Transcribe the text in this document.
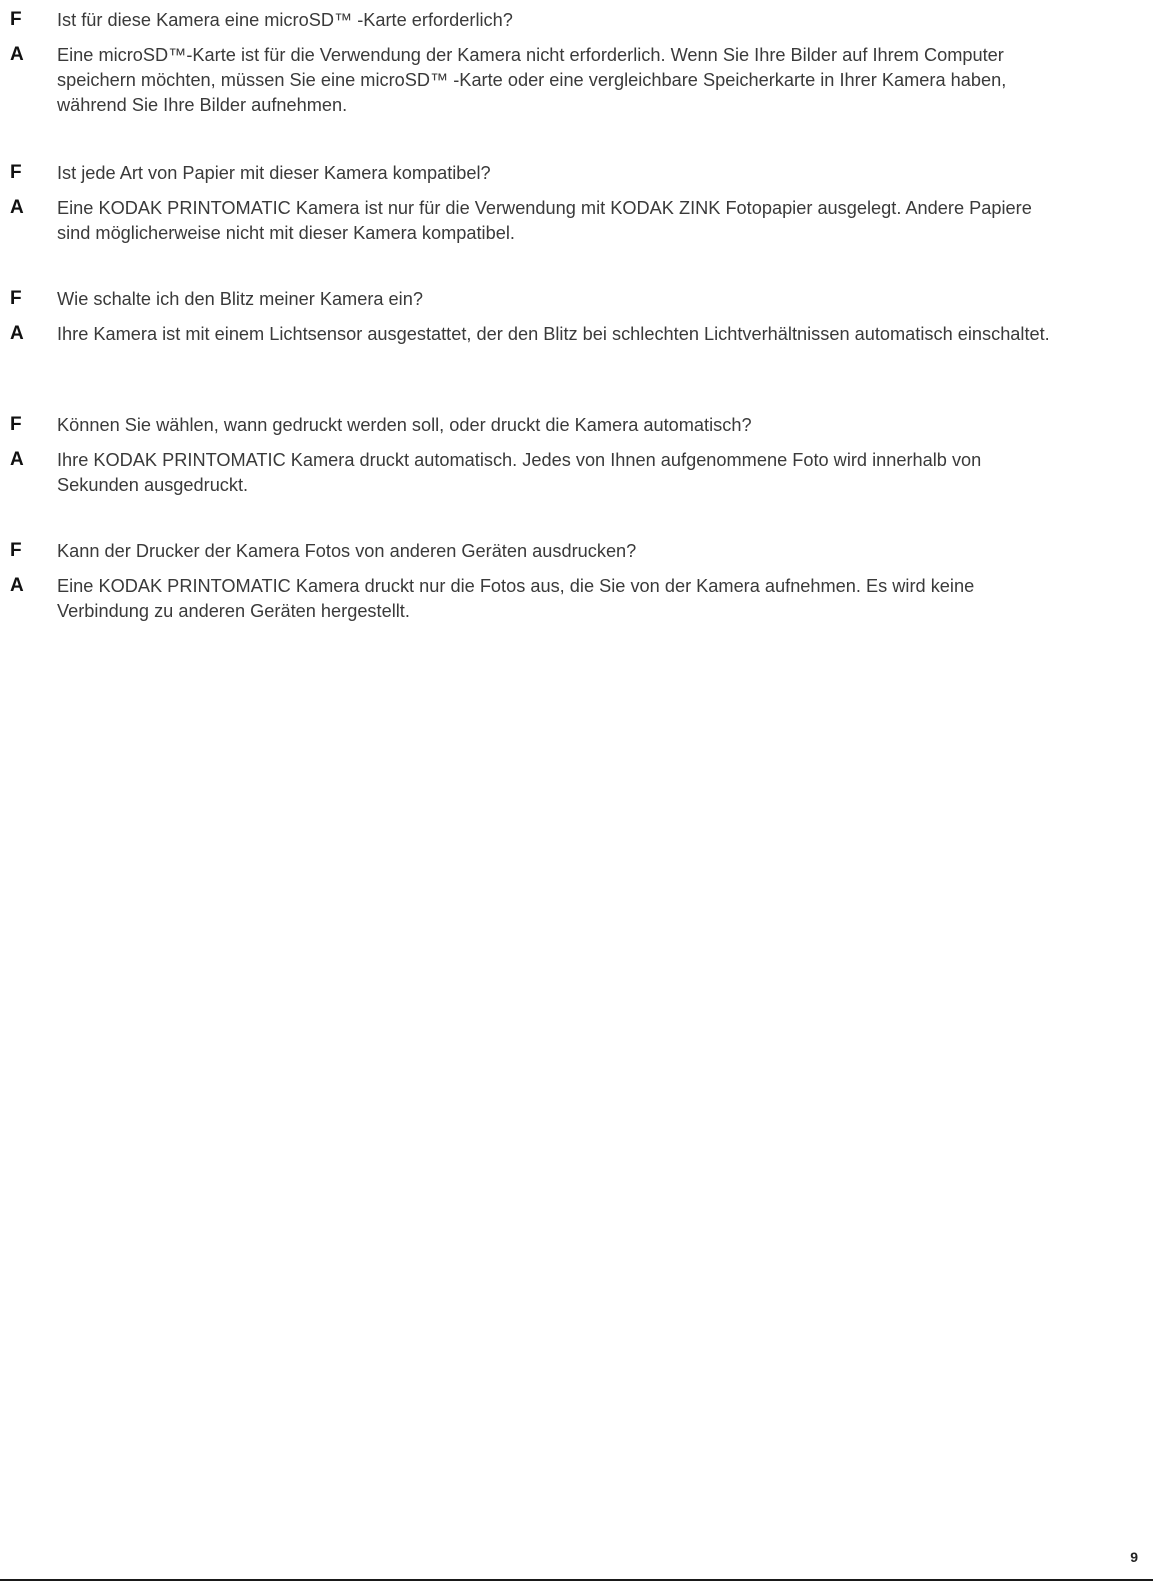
F	Ist für diese Kamera eine microSD™ -Karte erforderlich?
A	Eine microSD™-Karte ist für die Verwendung der Kamera nicht erforderlich. Wenn Sie Ihre Bilder auf Ihrem Computer speichern möchten, müssen Sie eine microSD™ -Karte oder eine vergleichbare Speicherkarte in Ihrer Kamera haben, während Sie Ihre Bilder aufnehmen.
F	Ist jede Art von Papier mit dieser Kamera kompatibel?
A	Eine KODAK PRINTOMATIC Kamera ist nur für die Verwendung mit KODAK ZINK Fotopapier ausgelegt. Andere Papiere sind möglicherweise nicht mit dieser Kamera kompatibel.
F	Wie schalte ich den Blitz meiner Kamera ein?
A	Ihre Kamera ist mit einem Lichtsensor ausgestattet, der den Blitz bei schlechten Lichtverhältnissen automatisch einschaltet.
F	Können Sie wählen, wann gedruckt werden soll, oder druckt die Kamera automatisch?
A	Ihre KODAK PRINTOMATIC Kamera druckt automatisch. Jedes von Ihnen aufgenommene Foto wird innerhalb von Sekunden ausgedruckt.
F	Kann der Drucker der Kamera Fotos von anderen Geräten ausdrucken?
A	Eine KODAK PRINTOMATIC Kamera druckt nur die Fotos aus, die Sie von der Kamera aufnehmen. Es wird keine Verbindung zu anderen Geräten hergestellt.
9
